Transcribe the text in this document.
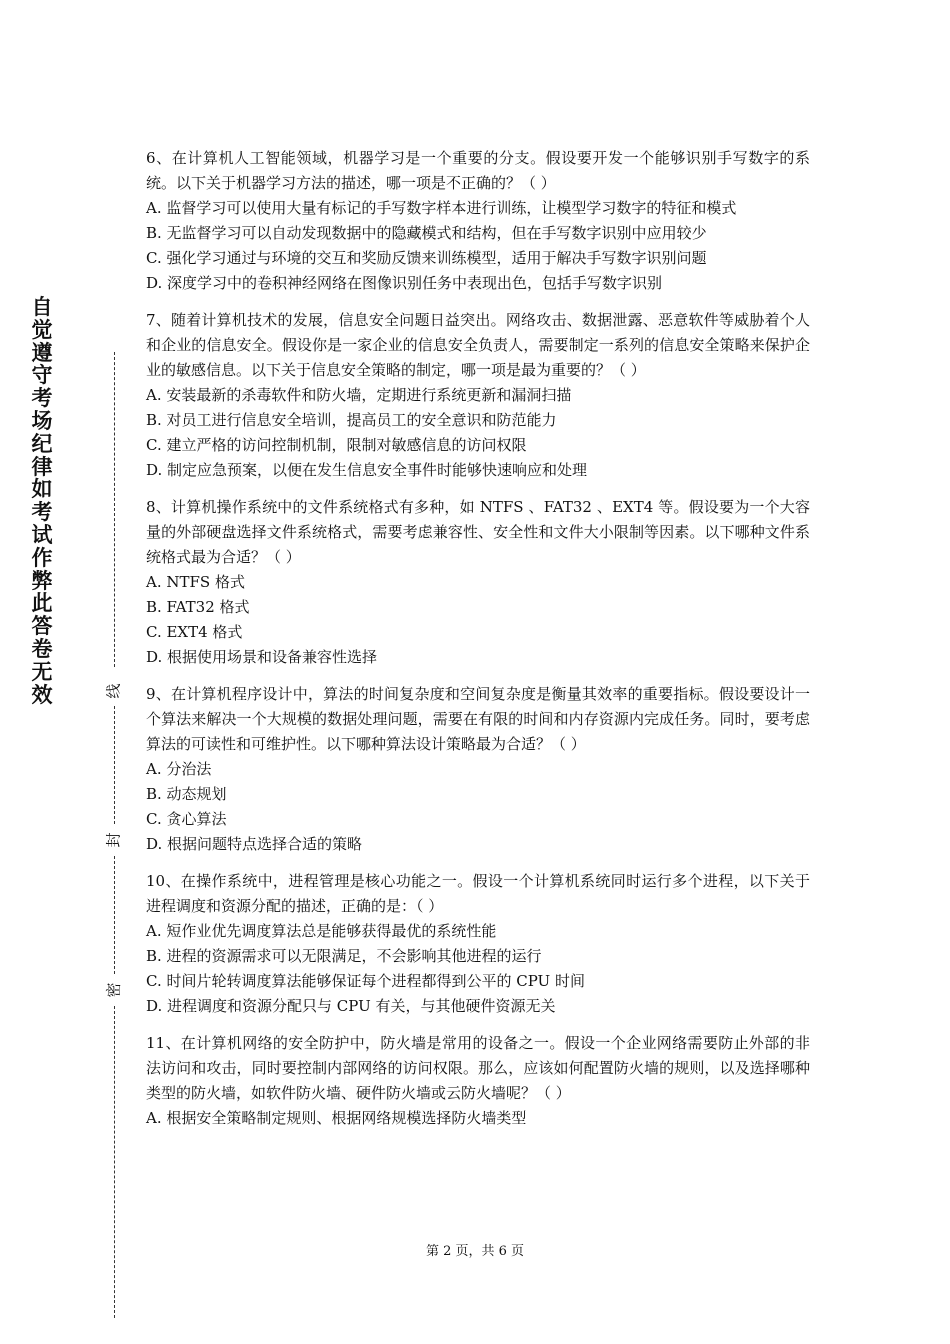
自觉遵守考场纪律如考试作弊此答卷无效	线
封
密
6、在计算机人工智能领域，机器学习是一个重要的分支。假设要开发一个能够识别手写数字的系统。以下关于机器学习方法的描述，哪一项是不正确的？（ ）
A. 监督学习可以使用大量有标记的手写数字样本进行训练，让模型学习数字的特征和模式
B. 无监督学习可以自动发现数据中的隐藏模式和结构，但在手写数字识别中应用较少
C. 强化学习通过与环境的交互和奖励反馈来训练模型，适用于解决手写数字识别问题
D. 深度学习中的卷积神经网络在图像识别任务中表现出色，包括手写数字识别
7、随着计算机技术的发展，信息安全问题日益突出。网络攻击、数据泄露、恶意软件等威胁着个人和企业的信息安全。假设你是一家企业的信息安全负责人，需要制定一系列的信息安全策略来保护企业的敏感信息。以下关于信息安全策略的制定，哪一项是最为重要的？（ ）
A. 安装最新的杀毒软件和防火墙，定期进行系统更新和漏洞扫描
B. 对员工进行信息安全培训，提高员工的安全意识和防范能力
C. 建立严格的访问控制机制，限制对敏感信息的访问权限
D. 制定应急预案，以便在发生信息安全事件时能够快速响应和处理
8、计算机操作系统中的文件系统格式有多种，如 NTFS 、FAT32 、EXT4 等。假设要为一个大容量的外部硬盘选择文件系统格式，需要考虑兼容性、安全性和文件大小限制等因素。以下哪种文件系统格式最为合适？（ ）
A. NTFS 格式
B. FAT32 格式
C. EXT4 格式
D. 根据使用场景和设备兼容性选择
9、在计算机程序设计中，算法的时间复杂度和空间复杂度是衡量其效率的重要指标。假设要设计一个算法来解决一个大规模的数据处理问题，需要在有限的时间和内存资源内完成任务。同时，要考虑算法的可读性和可维护性。以下哪种算法设计策略最为合适？（ ）
A. 分治法
B. 动态规划
C. 贪心算法
D. 根据问题特点选择合适的策略
10、在操作系统中，进程管理是核心功能之一。假设一个计算机系统同时运行多个进程，以下关于进程调度和资源分配的描述，正确的是：（ ）
A. 短作业优先调度算法总是能够获得最优的系统性能
B. 进程的资源需求可以无限满足，不会影响其他进程的运行
C. 时间片轮转调度算法能够保证每个进程都得到公平的 CPU 时间
D. 进程调度和资源分配只与 CPU 有关，与其他硬件资源无关
11、在计算机网络的安全防护中，防火墙是常用的设备之一。假设一个企业网络需要防止外部的非法访问和攻击，同时要控制内部网络的访问权限。那么，应该如何配置防火墙的规则，以及选择哪种类型的防火墙，如软件防火墙、硬件防火墙或云防火墙呢？（ ）
A. 根据安全策略制定规则、根据网络规模选择防火墙类型
第 2 页，共 6 页
